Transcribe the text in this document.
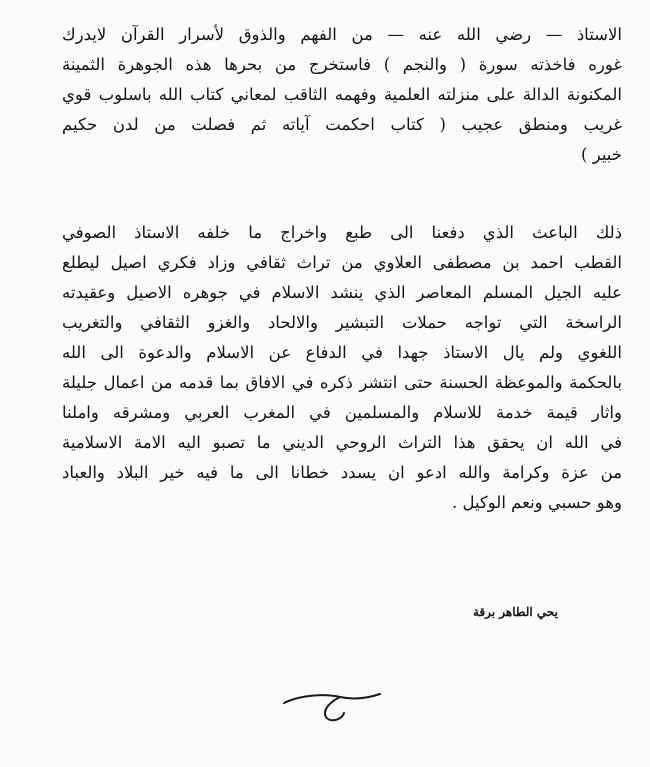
الاستاذ — رضي الله عنه — من الفهم والذوق لأسرار القرآن لايدرك
غوره فاخذته سورة ( والنجم ) فاستخرج من بحرها هذه الجوهرة الثمينة
المكنونة الدالة على منزلته العلمية وفهمه الثاقب لمعاني كتاب الله باسلوب قوي
غريب ومنطق عجيب ( كتاب احكمت آياته ثم فصلت من لدن حكيم
خبير )
ذلك الباعث الذي دفعنا الى طبع واخراج ما خلفه الاستاذ الصوفي
القطب احمد بن مصطفى العلاوي من تراث ثقافي وزاد فكري اصيل ليطلع
عليه الجيل المسلم المعاصر الذي ينشد الاسلام في جوهره الاصيل وعقيدته
الراسخة التي تواجه حملات التبشير والالحاد والغزو الثقافي والتغريب
اللغوي ولم يال الاستاذ جهدا في الدفاع عن الاسلام والدعوة الى الله
بالحكمة والموعظة الحسنة حتى انتشر ذكره في الافاق بما قدمه من اعمال جليلة
واثار قيمة خدمة للاسلام والمسلمين في المغرب العربي ومشرقه واملنا
في الله ان يحقق هذا التراث الروحي الديني ما تصبو اليه الامة الاسلامية
من عزة وكرامة والله ادعو ان يسدد خطانا الى ما فيه خير البلاد والعباد
وهو حسبي ونعم الوكيل .
يحي الطاهر برقة
